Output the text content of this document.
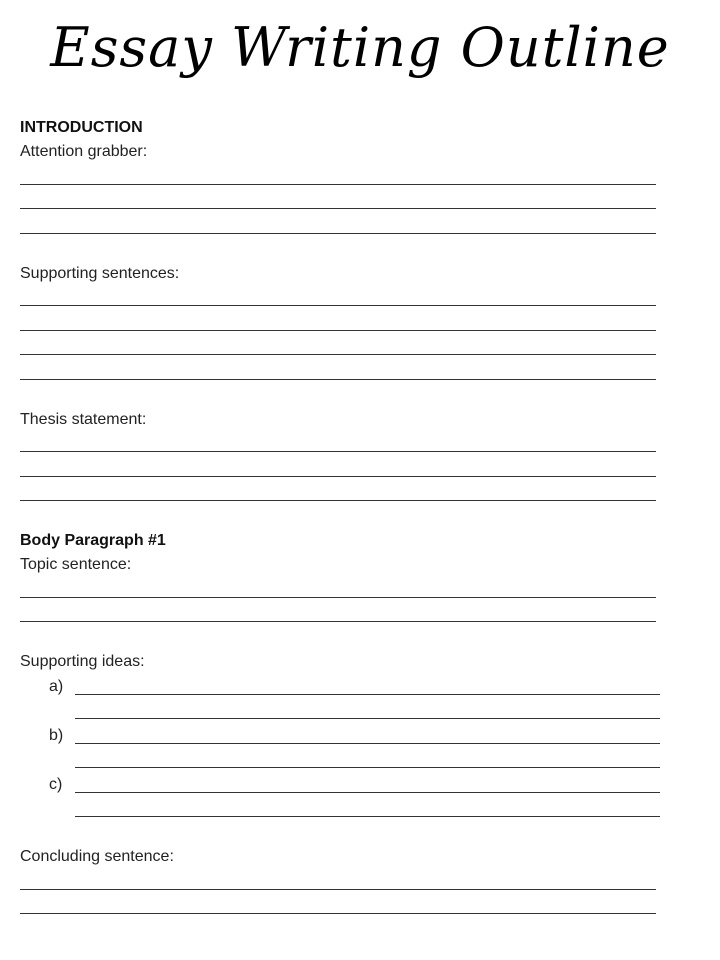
Essay Writing Outline
INTRODUCTION
Attention grabber:
Supporting sentences:
Thesis statement:
Body Paragraph #1
Topic sentence:
Supporting ideas:
a)
b)
c)
Concluding sentence:
